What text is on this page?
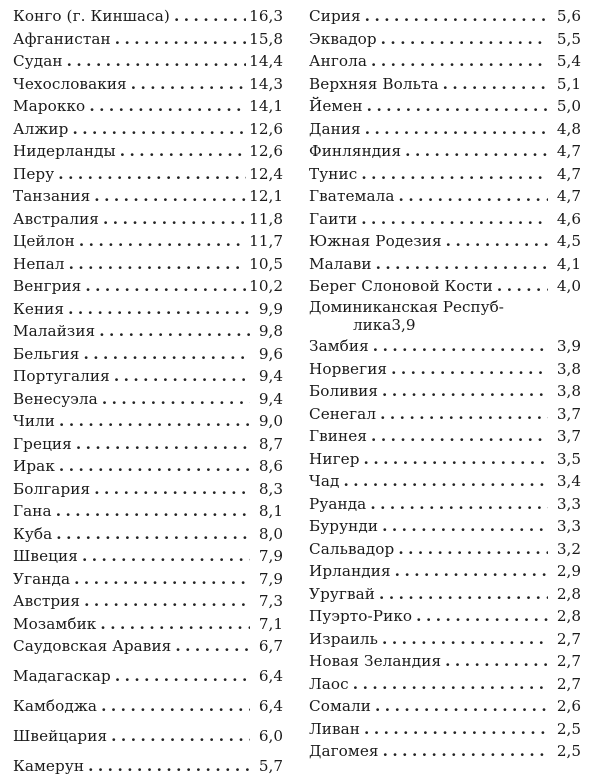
Конго (г. Киншаса) .....	16,3
Афганистан .....	15,8
Судан .....	14,4
Чехословакия .....	14,3
Марокко .....	14,1
Алжир .....	12,6
Нидерланды .....	12,6
Перу .....	12,4
Танзания .....	12,1
Австралия .....	11,8
Цейлон .....	11,7
Непал .....	10,5
Венгрия .....	10,2
Кения .....	9,9
Малайзия .....	9,8
Бельгия .....	9,6
Португалия .....	9,4
Венесуэла .....	9,4
Чили .....	9,0
Греция .....	8,7
Ирак .....	8,6
Болгария .....	8,3
Гана .....	8,1
Куба .....	8,0
Швеция .....	7,9
Уганда .....	7,9
Австрия .....	7,3
Мозамбик .....	7,1
Саудовская Аравия .....	6,7
Мадагаскар .....	6,4
Камбоджа .....	6,4
Швейцария .....	6,0
Камерун .....	5,7
Сирия .....	5,6
Эквадор .....	5,5
Ангола .....	5,4
Верхняя Вольта .....	5,1
Йемен .....	5,0
Дания .....	4,8
Финляндия .....	4,7
Тунис .....	4,7
Гватемала .....	4,7
Гаити .....	4,6
Южная Родезия .....	4,5
Малави .....	4,1
Берег Слоновой Кости .....	4,0
Доминиканская Респуб-
лика 3,9
Замбия .....	3,9
Норвегия .....	3,8
Боливия .....	3,8
Сенегал .....	3,7
Гвинея .....	3,7
Нигер .....	3,5
Чад .....	3,4
Руанда .....	3,3
Бурунди .....	3,3
Сальвадор .....	3,2
Ирландия .....	2,9
Уругвай .....	2,8
Пуэрто-Рико .....	2,8
Израиль .....	2,7
Новая Зеландия .....	2,7
Лаос .....	2,7
Сомали .....	2,6
Ливан .....	2,5
Дагомея .....	2,5
